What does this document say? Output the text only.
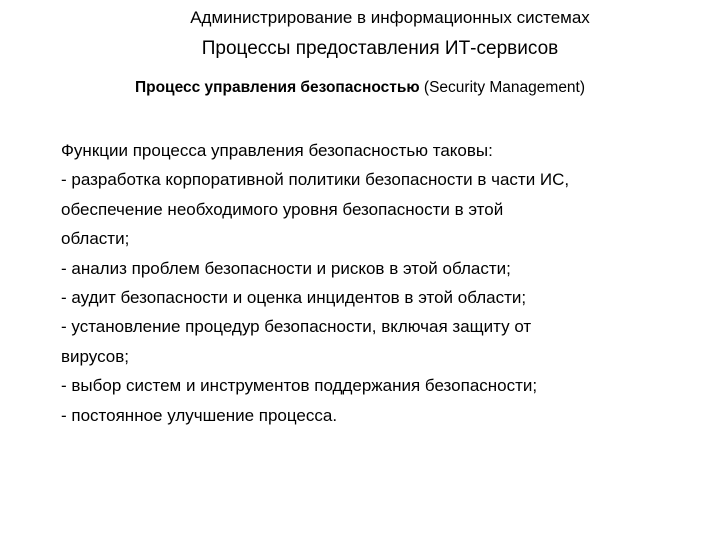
Администрирование в информационных системах
Процессы предоставления ИТ-сервисов
Процесс управления безопасностью (Security Management)

Функции процесса управления безопасностью таковы:

- разработка корпоративной политики безопасности в части ИС,

обеспечение необходимого уровня безопасности в этой

области;

- анализ проблем безопасности и рисков в этой области;

- аудит безопасности и оценка инцидентов в этой области;

- установление процедур безопасности, включая защиту от

вирусов;

- выбор систем и инструментов поддержания безопасности;

- постоянное улучшение процесса.
